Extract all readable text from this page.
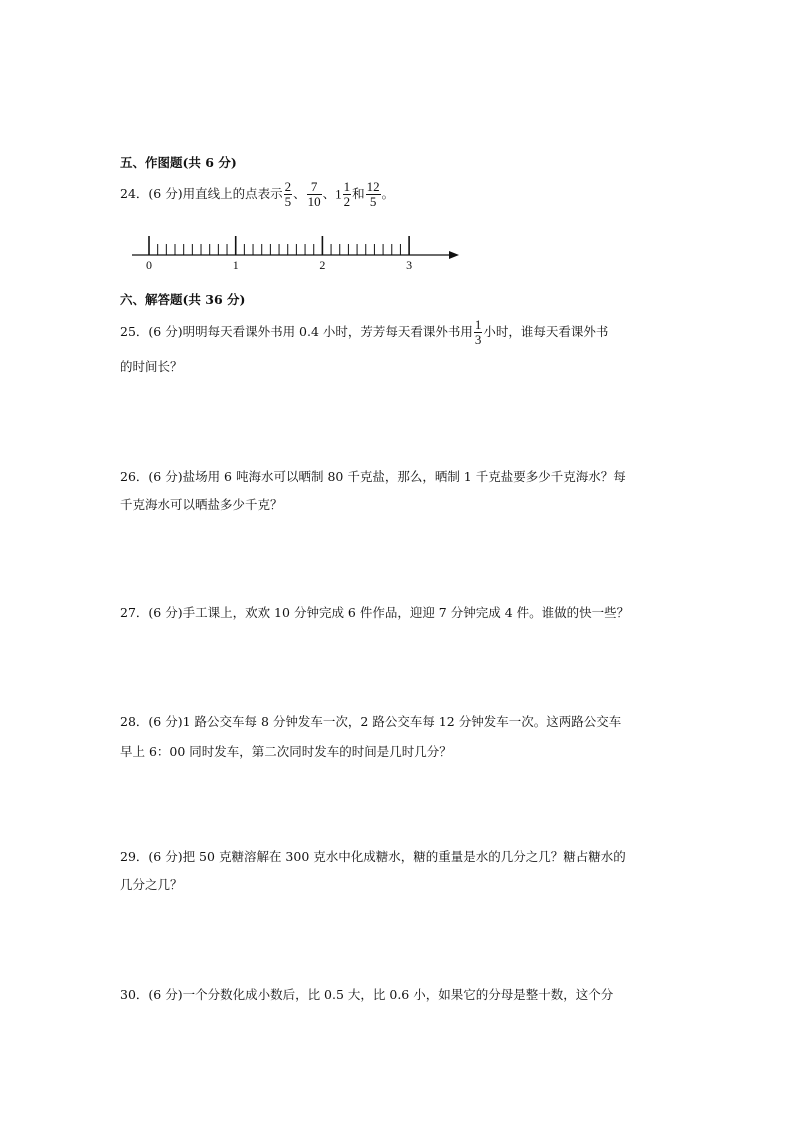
五、作图题(共 6 分)
24．(6 分)用直线上的点表示 $\frac{2}{5}$ 、 $\frac{7}{10}$ 、$1 \frac{1}{2}$ 和 $\frac{12}{5}$ 。
0	1	2	3
六、解答题(共 36 分)
25．(6 分)明明每天看课外书用 0.4 小时，芳芳每天看课外书用 $\frac{1}{3}$ 小时，谁每天看课外书
的时间长？
26．(6 分)盐场用 6 吨海水可以晒制 80 千克盐，那么，晒制 1 千克盐要多少千克海水？每
千克海水可以晒盐多少千克？
27．(6 分)手工课上，欢欢 10 分钟完成 6 件作品，迎迎 7 分钟完成 4 件。谁做的快一些？
28．(6 分)1 路公交车每 8 分钟发车一次，2 路公交车每 12 分钟发车一次。这两路公交车
早上 6：00 同时发车，第二次同时发车的时间是几时几分？
29．(6 分)把 50 克糖溶解在 300 克水中化成糖水，糖的重量是水的几分之几？糖占糖水的
几分之几？
30．(6 分)一个分数化成小数后，比 0.5 大，比 0.6 小，如果它的分母是整十数，这个分
